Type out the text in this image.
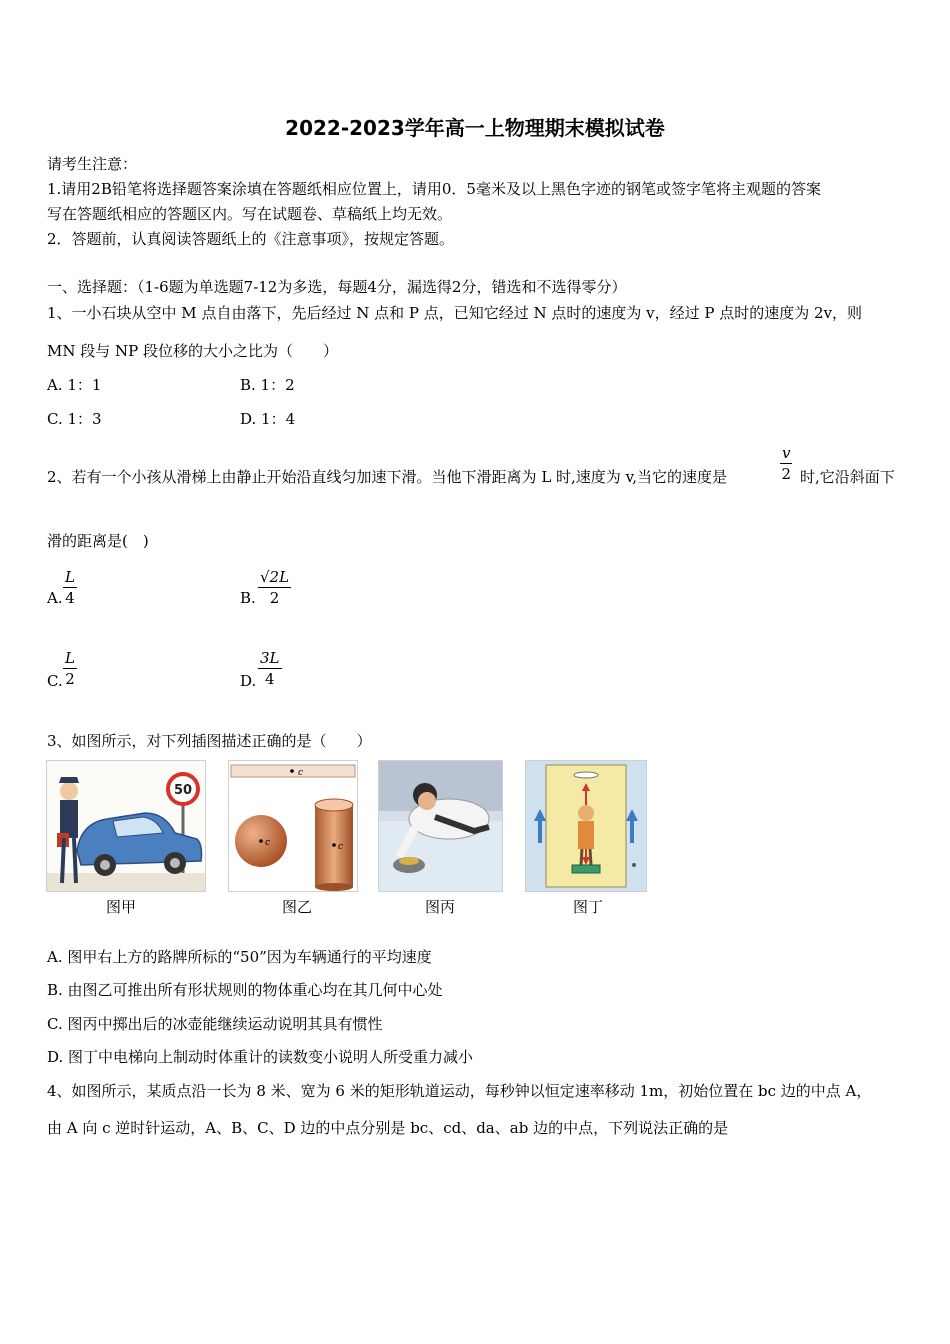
2022-2023学年高一上物理期末模拟试卷
请考生注意：
1.请用2B铅笔将选择题答案涂填在答题纸相应位置上，请用0．5毫米及以上黑色字迹的钢笔或签字笔将主观题的答案
写在答题纸相应的答题区内。写在试题卷、草稿纸上均无效。
2．答题前，认真阅读答题纸上的《注意事项》，按规定答题。
一、选择题：（1-6题为单选题7-12为多选，每题4分，漏选得2分，错选和不选得零分）
1、一小石块从空中 M 点自由落下，先后经过 N 点和 P 点，已知它经过 N 点时的速度为 v，经过 P 点时的速度为 2v，则
MN 段与 NP 段位移的大小之比为（　　）
A. 1：1	B. 1：2
C. 1：3	D. 1：4
2、若有一个小孩从滑梯上由静止开始沿直线匀加速下滑。当他下滑距离为 L 时,速度为 v,当它的速度是
v
2 时,它沿斜面下
滑的距离是(　)
A.
L
4	B.
√2L
2
C.
L
2	D.
3L
4
3、如图所示，对下列插图描述正确的是（　　）
50
图甲
c
c	c
图乙	图丙	图丁
A. 图甲右上方的路牌所标的“50”因为车辆通行的平均速度
B. 由图乙可推出所有形状规则的物体重心均在其几何中心处
C. 图丙中掷出后的冰壶能继续运动说明其具有惯性
D. 图丁中电梯向上制动时体重计的读数变小说明人所受重力减小
4、如图所示，某质点沿一长为 8 米、宽为 6 米的矩形轨道运动，每秒钟以恒定速率移动 1m，初始位置在 bc 边的中点 A，
由 A 向 c 逆时针运动，A、B、C、D 边的中点分别是 bc、cd、da、ab 边的中点，下列说法正确的是
